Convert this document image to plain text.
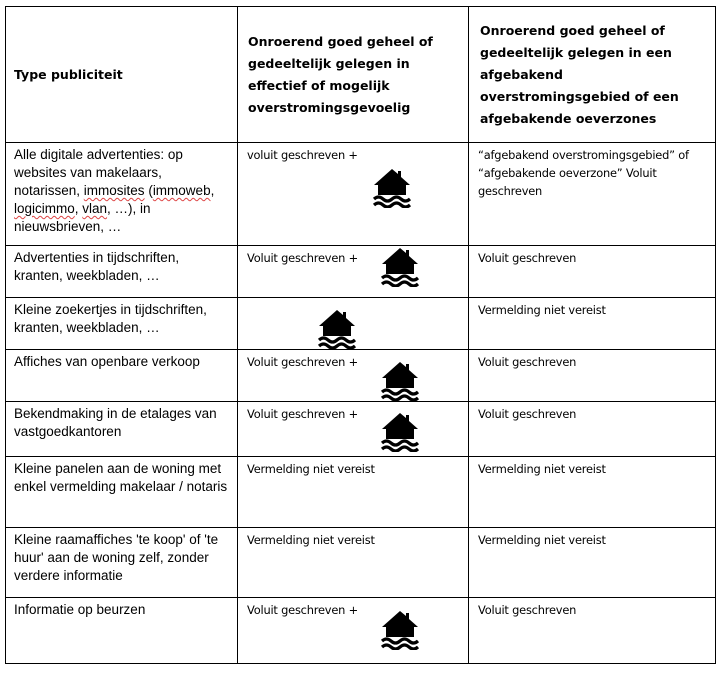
Type publiciteit	Onroerend goed geheel of gedeeltelijk gelegen in effectief of mogelijk overstromingsgevoelig	Onroerend goed geheel of gedeeltelijk gelegen in een afgebakend overstromingsgebied of een afgebakende oeverzones

Alle digitale advertenties: op websites van makelaars, notarissen, immosites (immoweb, logicimmo, vlan, …), in nieuwsbrieven, …	voluit geschreven +	“afgebakend overstromingsgebied” of “afgebakende oeverzone” Voluit geschreven

Advertenties in tijdschriften, kranten, weekbladen, …	Voluit geschreven +	Voluit geschreven

Kleine zoekertjes in tijdschriften, kranten, weekbladen, …		Vermelding niet vereist

Affiches van openbare verkoop	Voluit geschreven +	Voluit geschreven

Bekendmaking in de etalages van vastgoedkantoren	Voluit geschreven +	Voluit geschreven

Kleine panelen aan de woning met enkel vermelding makelaar / notaris	Vermelding niet vereist	Vermelding niet vereist

Kleine raamaffiches 'te koop' of 'te huur' aan de woning zelf, zonder verdere informatie	Vermelding niet vereist	Vermelding niet vereist

Informatie op beurzen	Voluit geschreven +	Voluit geschreven
